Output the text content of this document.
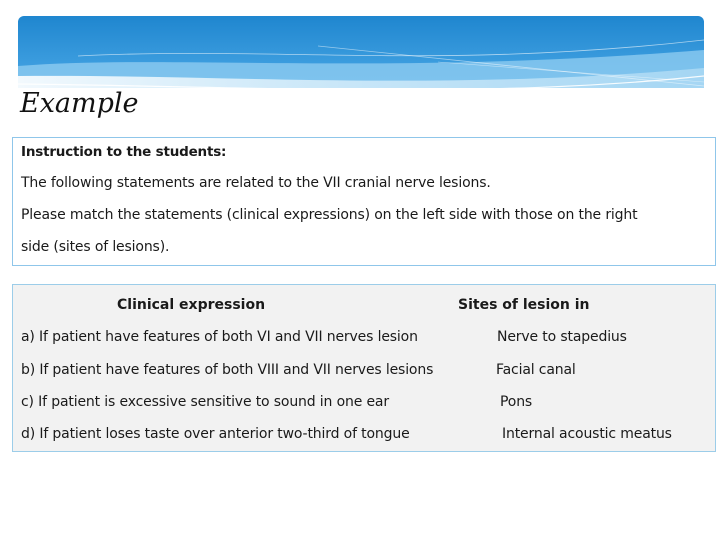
Example
Instruction to the students:
The following statements are related to the VII cranial nerve lesions.
Please match the statements (clinical expressions) on the left side with those on the right
side (sites of lesions).
Clinical expression	Sites of lesion in
a) If patient have features of both VI and VII nerves lesion
b) If patient have features of both VIII and VII nerves lesions
c) If patient is excessive sensitive to sound in one ear
d) If patient loses taste over anterior two-third of tongue
Nerve to stapedius
Facial canal
Pons
Internal acoustic meatus
